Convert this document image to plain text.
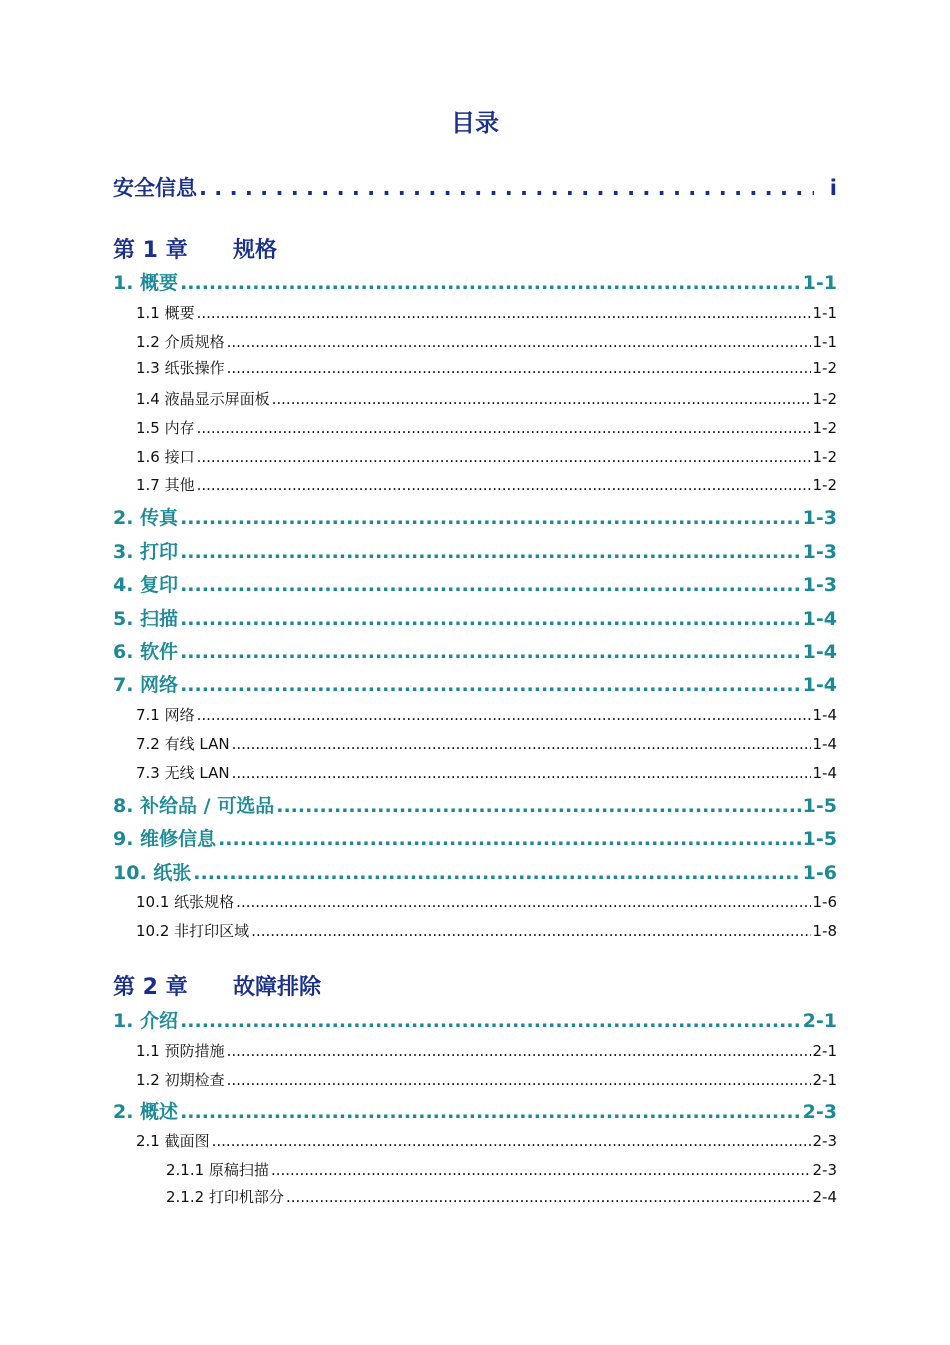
目录
安全信息 . . .	i
第 1 章	规格
1. 概要 .....	1-1
1.1 概要 .....	1-1
1.2 介质规格 .....	1-1
1.3 纸张操作 .....	1-2
1.4 液晶显示屏面板 .....	1-2
1.5 内存 .....	1-2
1.6 接口 .....	1-2
1.7 其他 .....	1-2
2. 传真 .....	1-3
3. 打印 .....	1-3
4. 复印 .....	1-3
5. 扫描 .....	1-4
6. 软件 .....	1-4
7. 网络 .....	1-4
7.1 网络 .....	1-4
7.2 有线 LAN .....	1-4
7.3 无线 LAN .....	1-4
8. 补给品 / 可选品 .....	1-5
9. 维修信息 .....	1-5
10. 纸张 .....	1-6
10.1 纸张规格 .....	1-6
10.2 非打印区域 .....	1-8
第 2 章	故障排除
1. 介绍 .....	2-1
1.1 预防措施 .....	2-1
1.2 初期检查 .....	2-1
2. 概述 .....	2-3
2.1 截面图 .....	2-3
2.1.1 原稿扫描 .....	2-3
2.1.2 打印机部分 .....	2-4
